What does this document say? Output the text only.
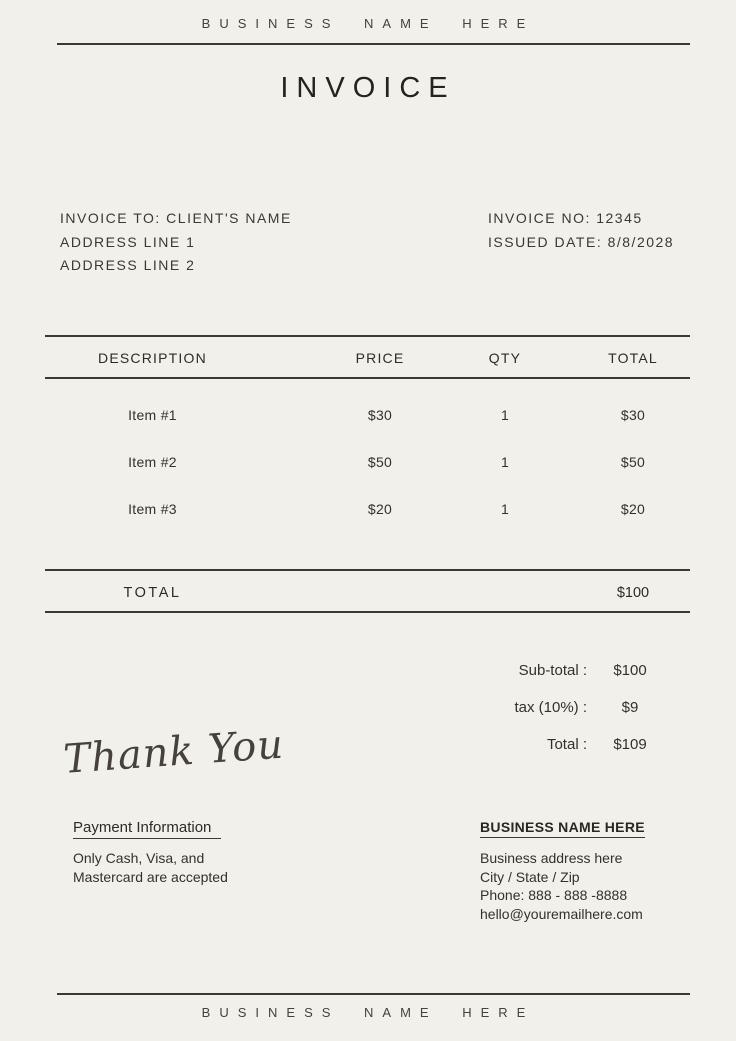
BUSINESS NAME HERE
INVOICE
INVOICE TO: CLIENT'S NAME
ADDRESS LINE 1
ADDRESS LINE 2
INVOICE NO: 12345
ISSUED DATE: 8/8/2028
DESCRIPTION	PRICE	QTY	TOTAL
Item #1	$30	1	$30
Item #2	$50	1	$50
Item #3	$20	1	$20
TOTAL	$100
Sub-total :	$100
tax (10%) :	$9
Total :	$109
Thank You
Payment Information
Only Cash, Visa, and
Mastercard are accepted
BUSINESS NAME HERE
Business address here
City / State / Zip
Phone: 888 - 888 -8888
hello@youremailhere.com
BUSINESS NAME HERE
